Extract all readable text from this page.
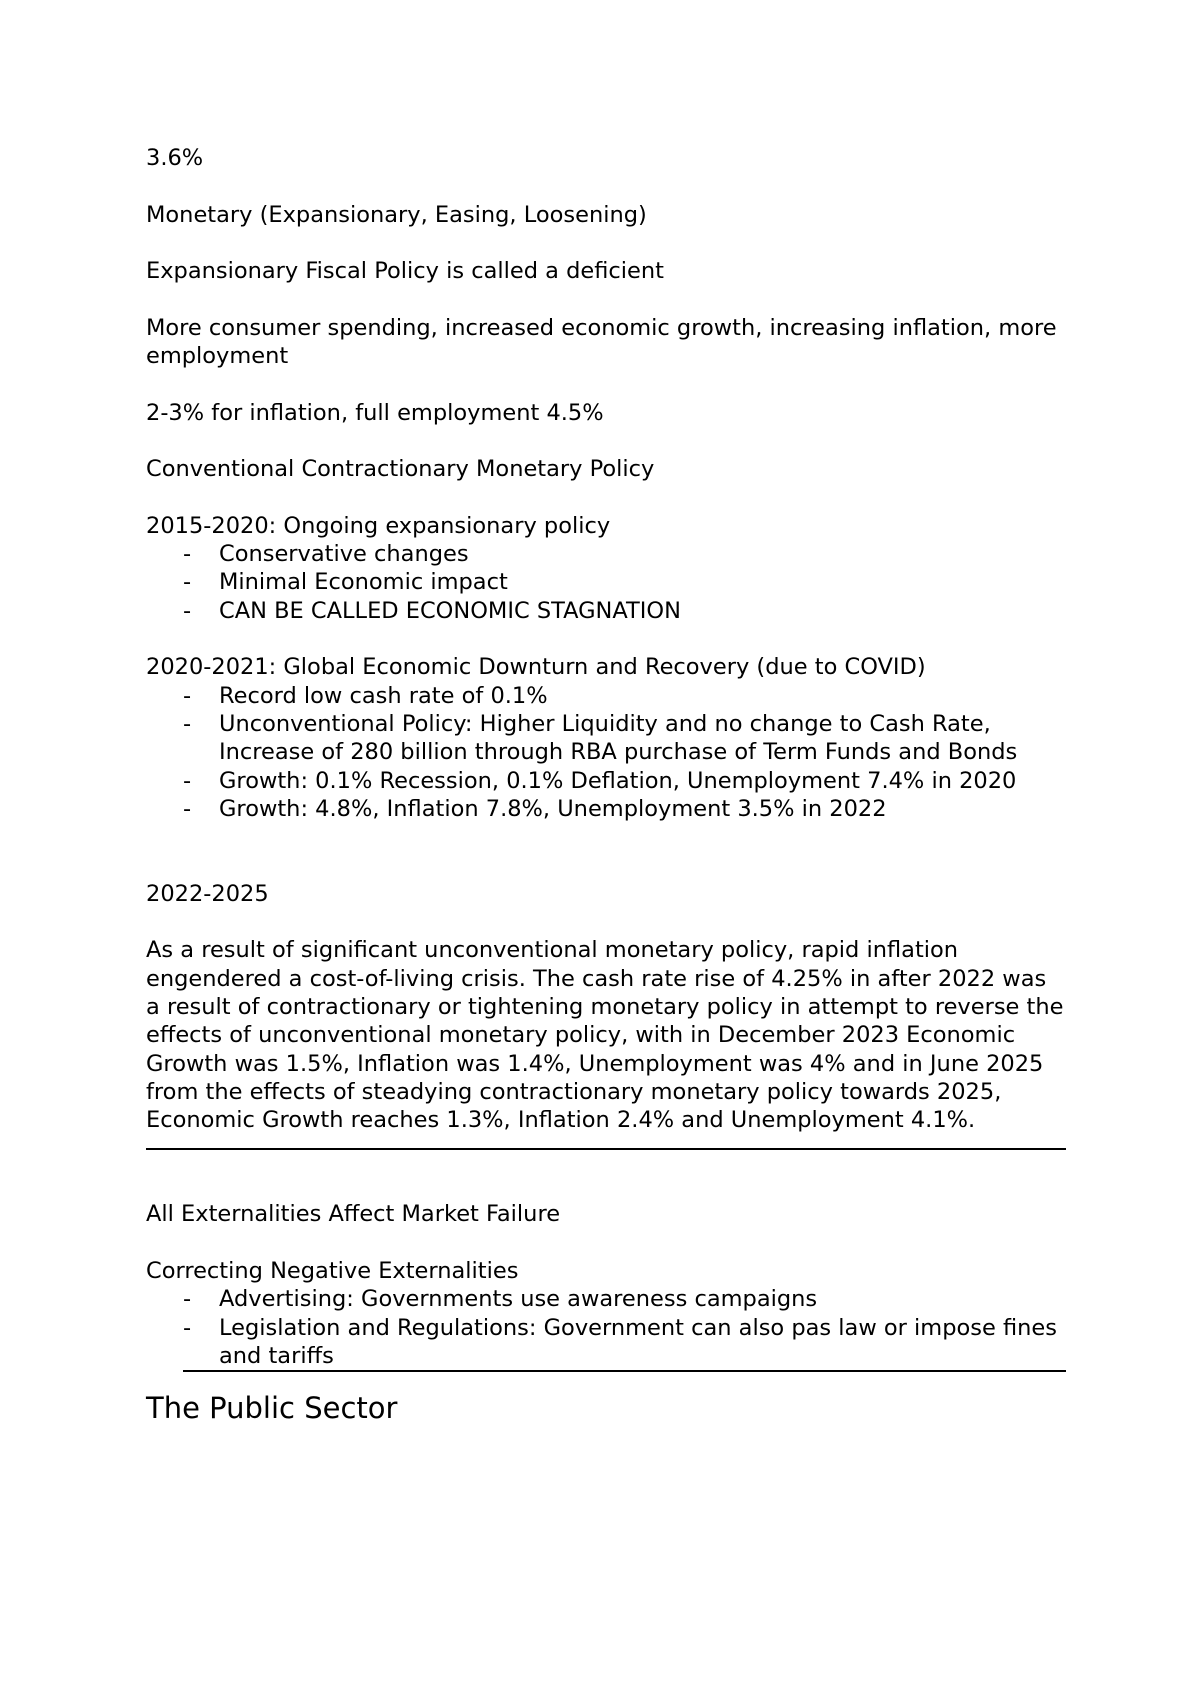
3.6%

Monetary (Expansionary, Easing, Loosening)

Expansionary Fiscal Policy is called a deficient

More consumer spending, increased economic growth, increasing inflation, more employment

2-3% for inflation, full employment 4.5%

Conventional Contractionary Monetary Policy

2015-2020: Ongoing expansionary policy
- Conservative changes
- Minimal Economic impact
- CAN BE CALLED ECONOMIC STAGNATION
2020-2021: Global Economic Downturn and Recovery (due to COVID)
- Record low cash rate of 0.1%
- Unconventional Policy: Higher Liquidity and no change to Cash Rate, Increase of 280 billion through RBA purchase of Term Funds and Bonds
- Growth: 0.1% Recession, 0.1% Deflation, Unemployment 7.4% in 2020
- Growth: 4.8%, Inflation 7.8%, Unemployment 3.5% in 2022

2022-2025

As a result of significant unconventional monetary policy, rapid inflation engendered a cost-of-living crisis. The cash rate rise of 4.25% in after 2022 was a result of contractionary or tightening monetary policy in attempt to reverse the effects of unconventional monetary policy, with in December 2023 Economic Growth was 1.5%, Inflation was 1.4%, Unemployment was 4% and in June 2025 from the effects of steadying contractionary monetary policy towards 2025, Economic Growth reaches 1.3%, Inflation 2.4% and Unemployment 4.1%.

All Externalities Affect Market Failure

Correcting Negative Externalities
- Advertising: Governments use awareness campaigns
- Legislation and Regulations: Government can also pas law or impose fines and tariffs
The Public Sector
